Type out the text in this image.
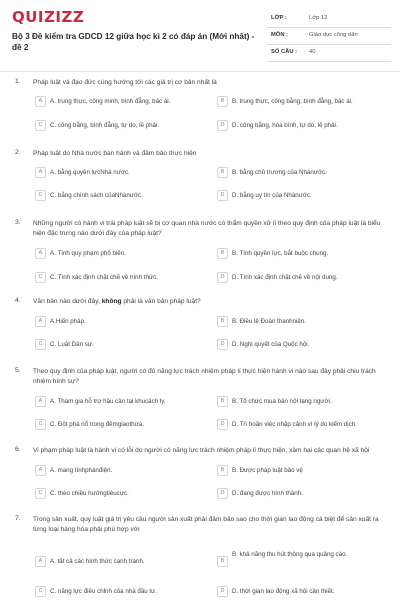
QUIZIZZ
Bộ 3 Đề kiểm tra GDCD 12 giữa học kì 2 có đáp án (Mới nhất) - đề 2
LỚP :	Lớp 12
MÔN :	Giáo dục công dân
SỐ CÂU : 40
1. Pháp luật và đạo đức cùng hướng tới các giá trị cơ bản nhất là
A	A. trung thực, công minh, bình đẳng, bác ái.	B	B. trung thực, công bằng, bình đẳng, bác ái.
C	C. công bằng, bình đẳng, tự do, lẽ phải.	D	D. công bằng, hòa bình, tự do, lẽ phải.
2. Pháp luật do Nhà nước ban hành và đảm bảo thực hiện
A	A. bằng quyền lựcNhà nước.	B	B. bằng chủ trương của Nhànước.
C	C. bằng chính sách củaNhànước.	D	D. bằng uy tín của Nhànước.
3. Những người có hành vi trái pháp luật sẽ bị cơ quan nhà nước có thẩm quyền xử lí theo quy định của pháp luật là biểu hiện đặc trưng nào dưới đây của pháp luật?
A	A. Tính quy phạm phổ biến.	B	B. Tính quyền lực, bắt buộc chung.
C	C. Tính xác định chặt chẽ về hình thức.	D	D. Tính xác định chặt chẽ về nội dung.
4. Văn bản nào dưới đây, không phải là văn bản pháp luật?
A	A.Hiến pháp.	B	B. Điều lệ Đoàn thanhniên.
C	C. Luật Dân sự.	D	D. Nghị quyết của Quốc hội.
5. Theo quy định của pháp luật, người có đủ năng lực trách nhiệm pháp lí thực hiện hành vi nào sau đây phải chịu trách nhiệm hình sự?
A	A. Tham gia hỗ trợ hậu cần tại khucách ly.	B	B. Tổ chức mua bán nội tạng người.
C	C. Đột phá nổ trong đêmgiaothừa.	D	D. Trì hoãn việc nhập cảnh vì lý do kiểm dịch.
6. Vi phạm pháp luật là hành vi có lỗi do người có năng lực trách nhiệm pháp lí thực hiện, xâm hại các quan hệ xã hội
A	A. mang tínhphánđiện.	B	B. Được pháp luật bảo vệ
C	C. theo chiều hướngtiêucực.	D	D. đang được hình thành.
7. Trong sản xuất, quy luật giá trị yêu cầu người sản xuất phải đảm bảo sao cho thời gian lao động cá biệt để sản xuất ra từng loại hàng hóa phải phù hợp với
A	A. tất cả các hình thức cạnh tranh.	B
B. khả năng thu hút thông qua quảng cáo.
C	C. năng lực điều chỉnh của nhà đầu tư.	D	D. thời gian lao động xã hội cần thiết.
